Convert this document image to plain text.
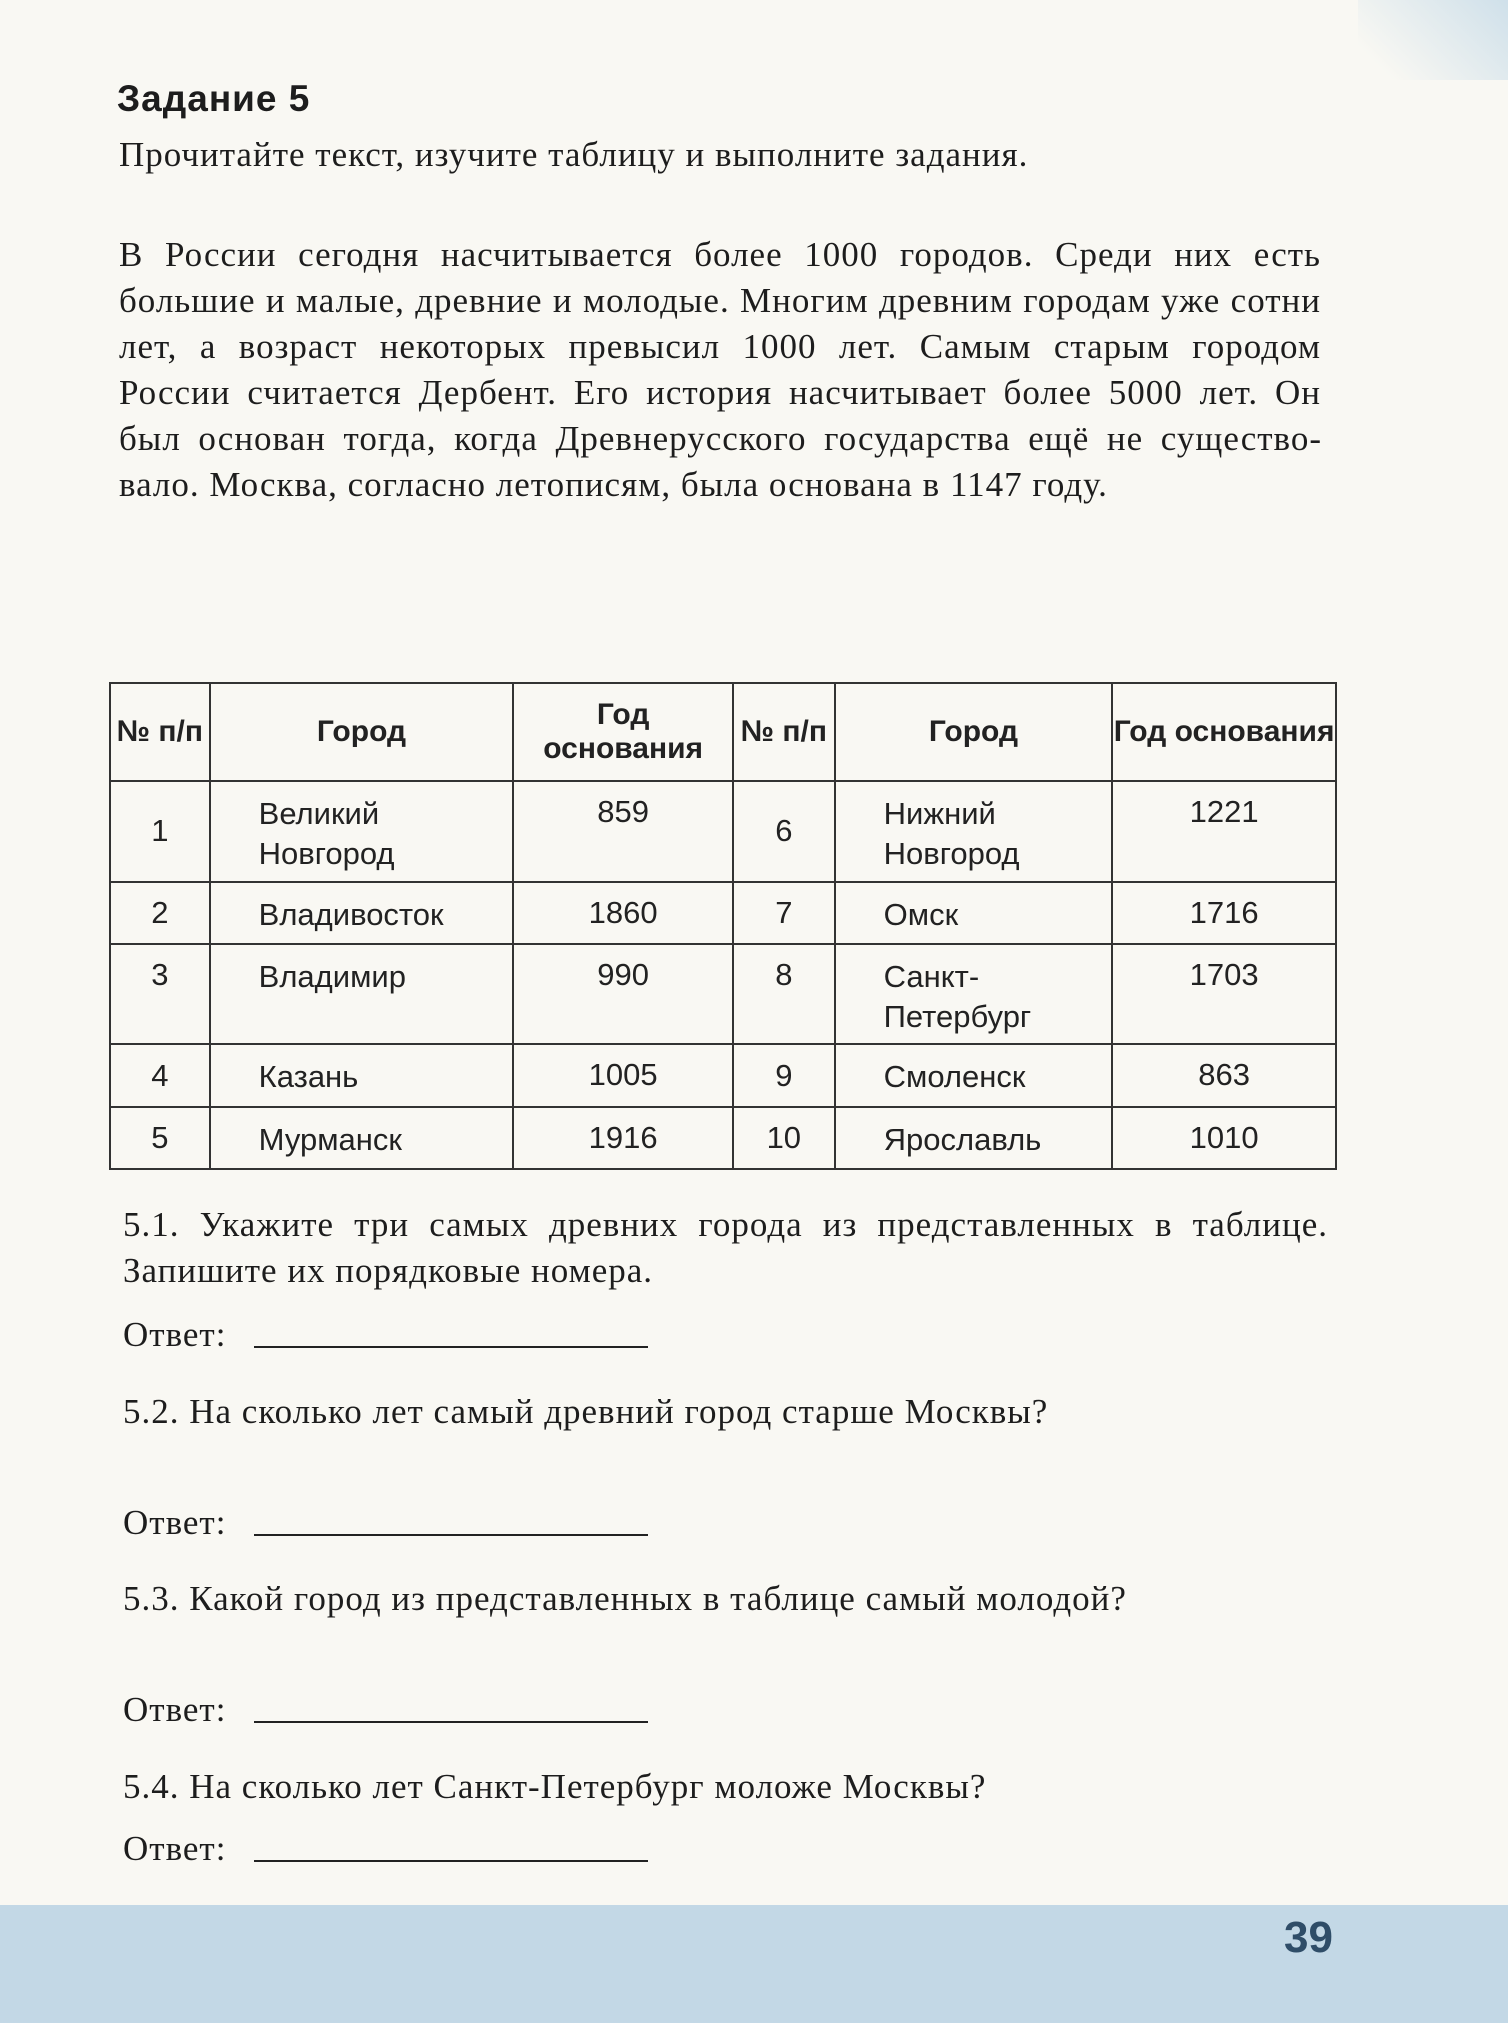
Задание 5

Прочитайте текст, изучите таблицу и выполните задания.

В России сегодня насчитывается более 1000 городов. Среди них есть большие и малые, древние и молодые. Многим древним городам уже сотни лет, а возраст некоторых превысил 1000 лет. Самым старым городом России считается Дербент. Его история насчитывает более 5000 лет. Он был основан тогда, когда Древнерусского государства ещё не существовало. Москва, согласно летописям, была основана в 1147 году.

№ п/п	Город	Год основания	№ п/п	Город	Год основания
1	Великий Новгород	859	6	Нижний Новгород	1221
2	Владивосток	1860	7	Омск	1716
3	Владимир	990	8	Санкт-Петербург	1703
4	Казань	1005	9	Смоленск	863
5	Мурманск	1916	10	Ярославль	1010

5.1. Укажите три самых древних города из представленных в таблице. Запишите их порядковые номера.

Ответ:

5.2. На сколько лет самый древний город старше Москвы?

Ответ:

5.3. Какой город из представленных в таблице самый молодой?

Ответ:

5.4. На сколько лет Санкт-Петербург моложе Москвы?

Ответ:
39
